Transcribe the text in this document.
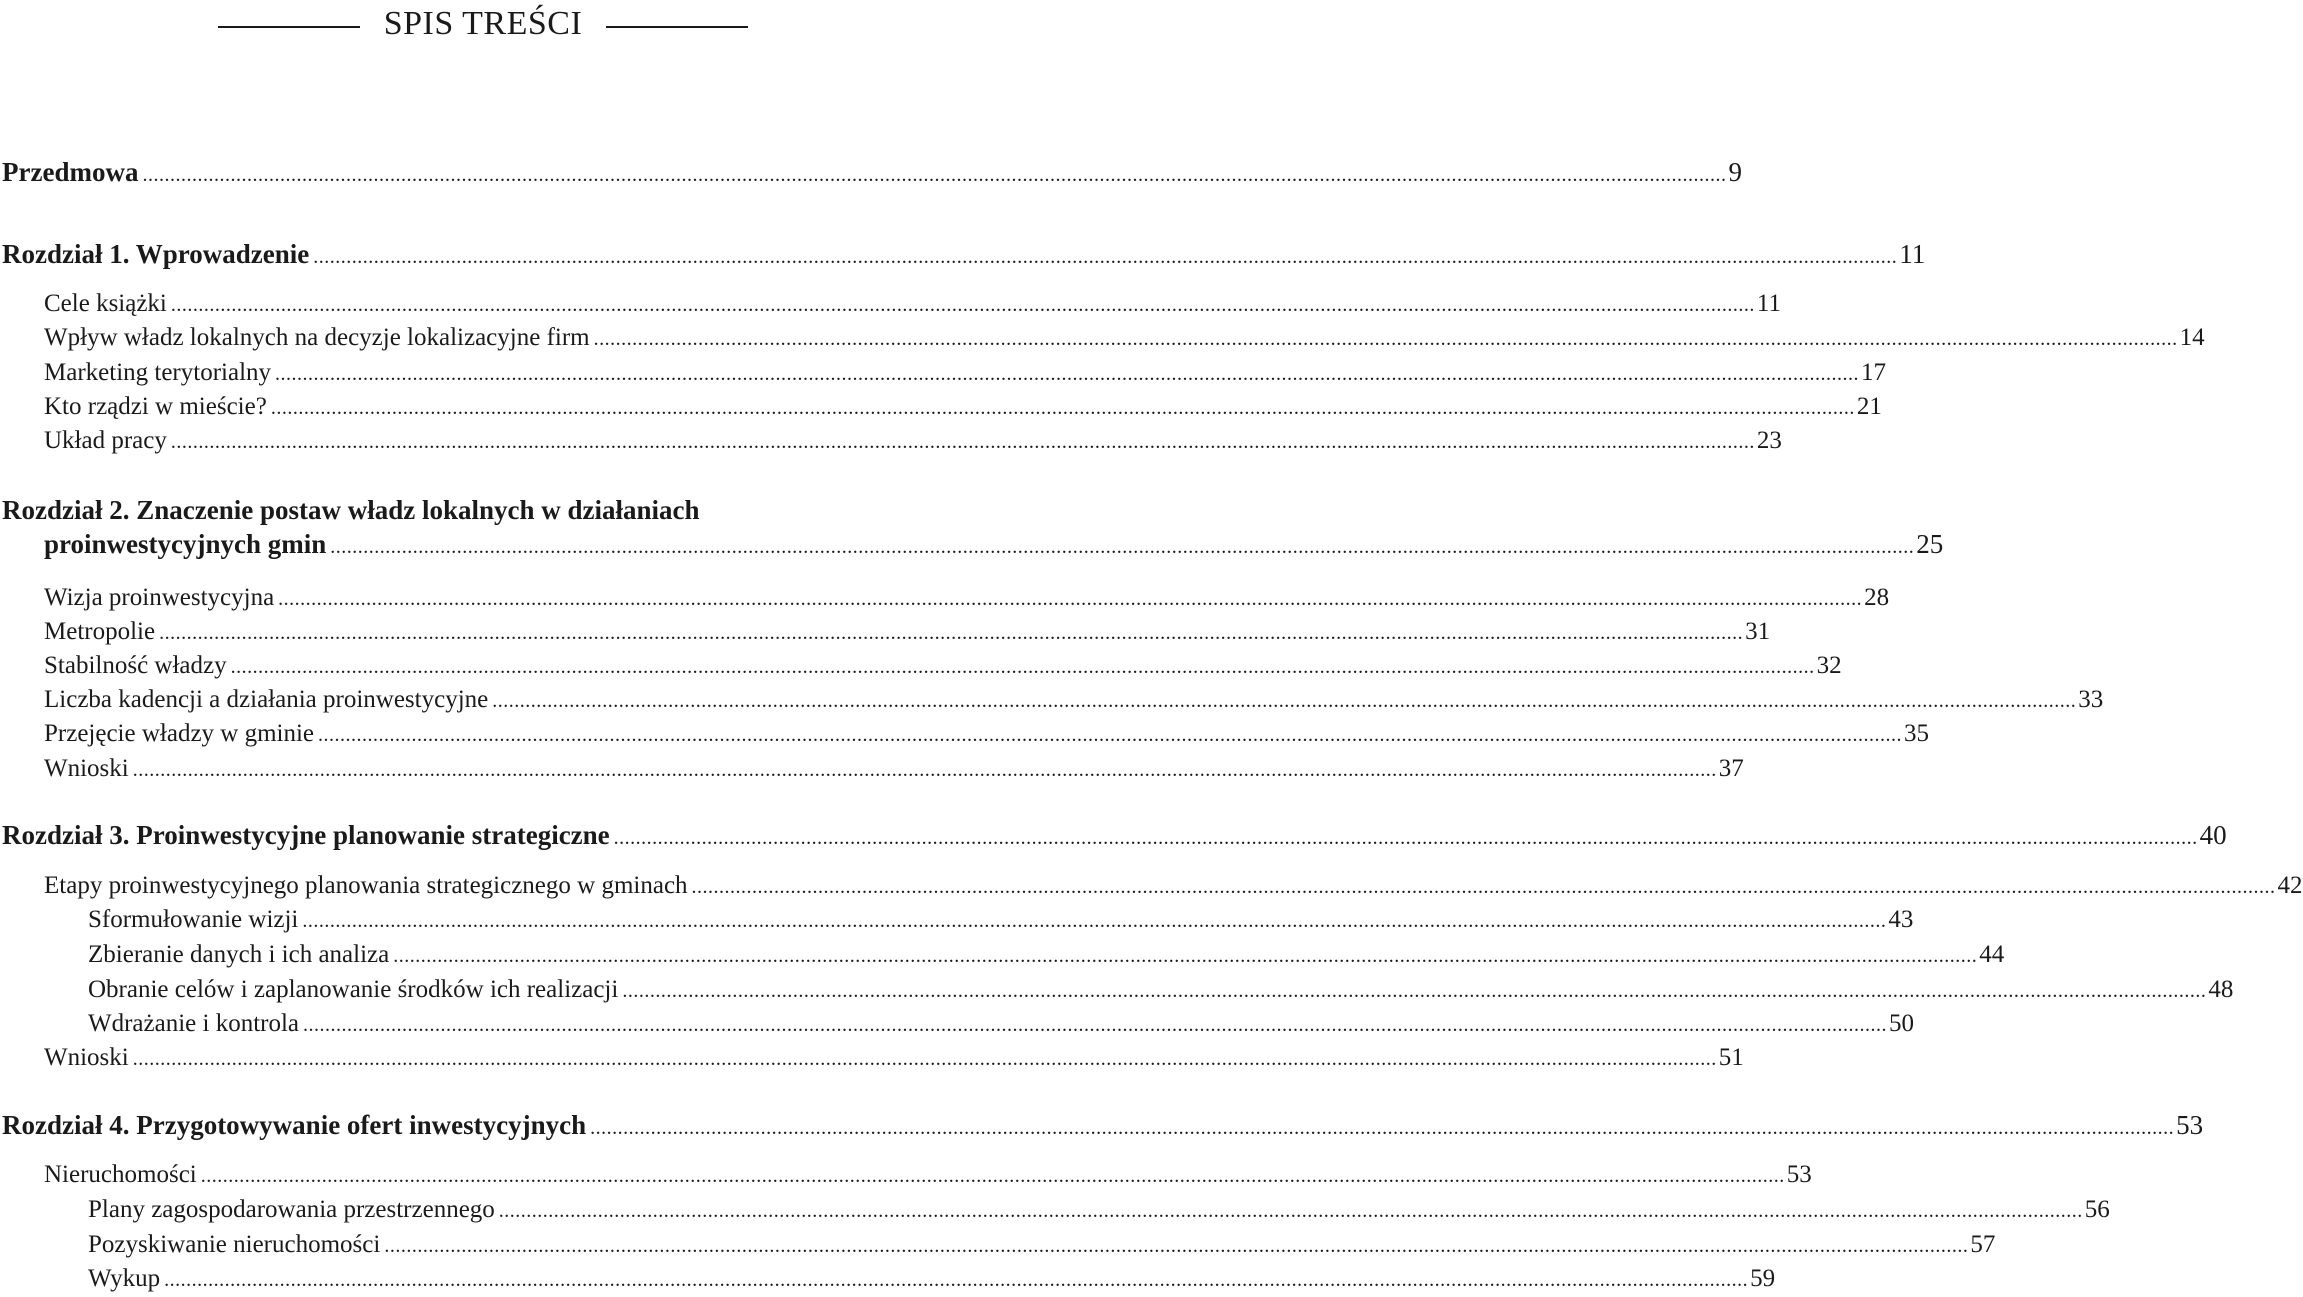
SPIS TREŚCI
Przedmowa .....	9
Rozdział 1. Wprowadzenie .....	11
Cele książki .....	11
Wpływ władz lokalnych na decyzje lokalizacyjne firm .....	14
Marketing terytorialny .....	17
Kto rządzi w mieście? .....	21
Układ pracy .....	23
Rozdział 2. Znaczenie postaw władz lokalnych w działaniach
proinwestycyjnych gmin .....	25
Wizja proinwestycyjna .....	28
Metropolie .....	31
Stabilność władzy .....	32
Liczba kadencji a działania proinwestycyjne .....	33
Przejęcie władzy w gminie .....	35
Wnioski .....	37
Rozdział 3. Proinwestycyjne planowanie strategiczne .....	40
Etapy proinwestycyjnego planowania strategicznego w gminach .....	42
Sformułowanie wizji .....	43
Zbieranie danych i ich analiza .....	44
Obranie celów i zaplanowanie środków ich realizacji .....	48
Wdrażanie i kontrola .....	50
Wnioski .....	51
Rozdział 4. Przygotowywanie ofert inwestycyjnych .....	53
Nieruchomości .....	53
Plany zagospodarowania przestrzennego .....	56
Pozyskiwanie nieruchomości .....	57
Wykup .....	59
